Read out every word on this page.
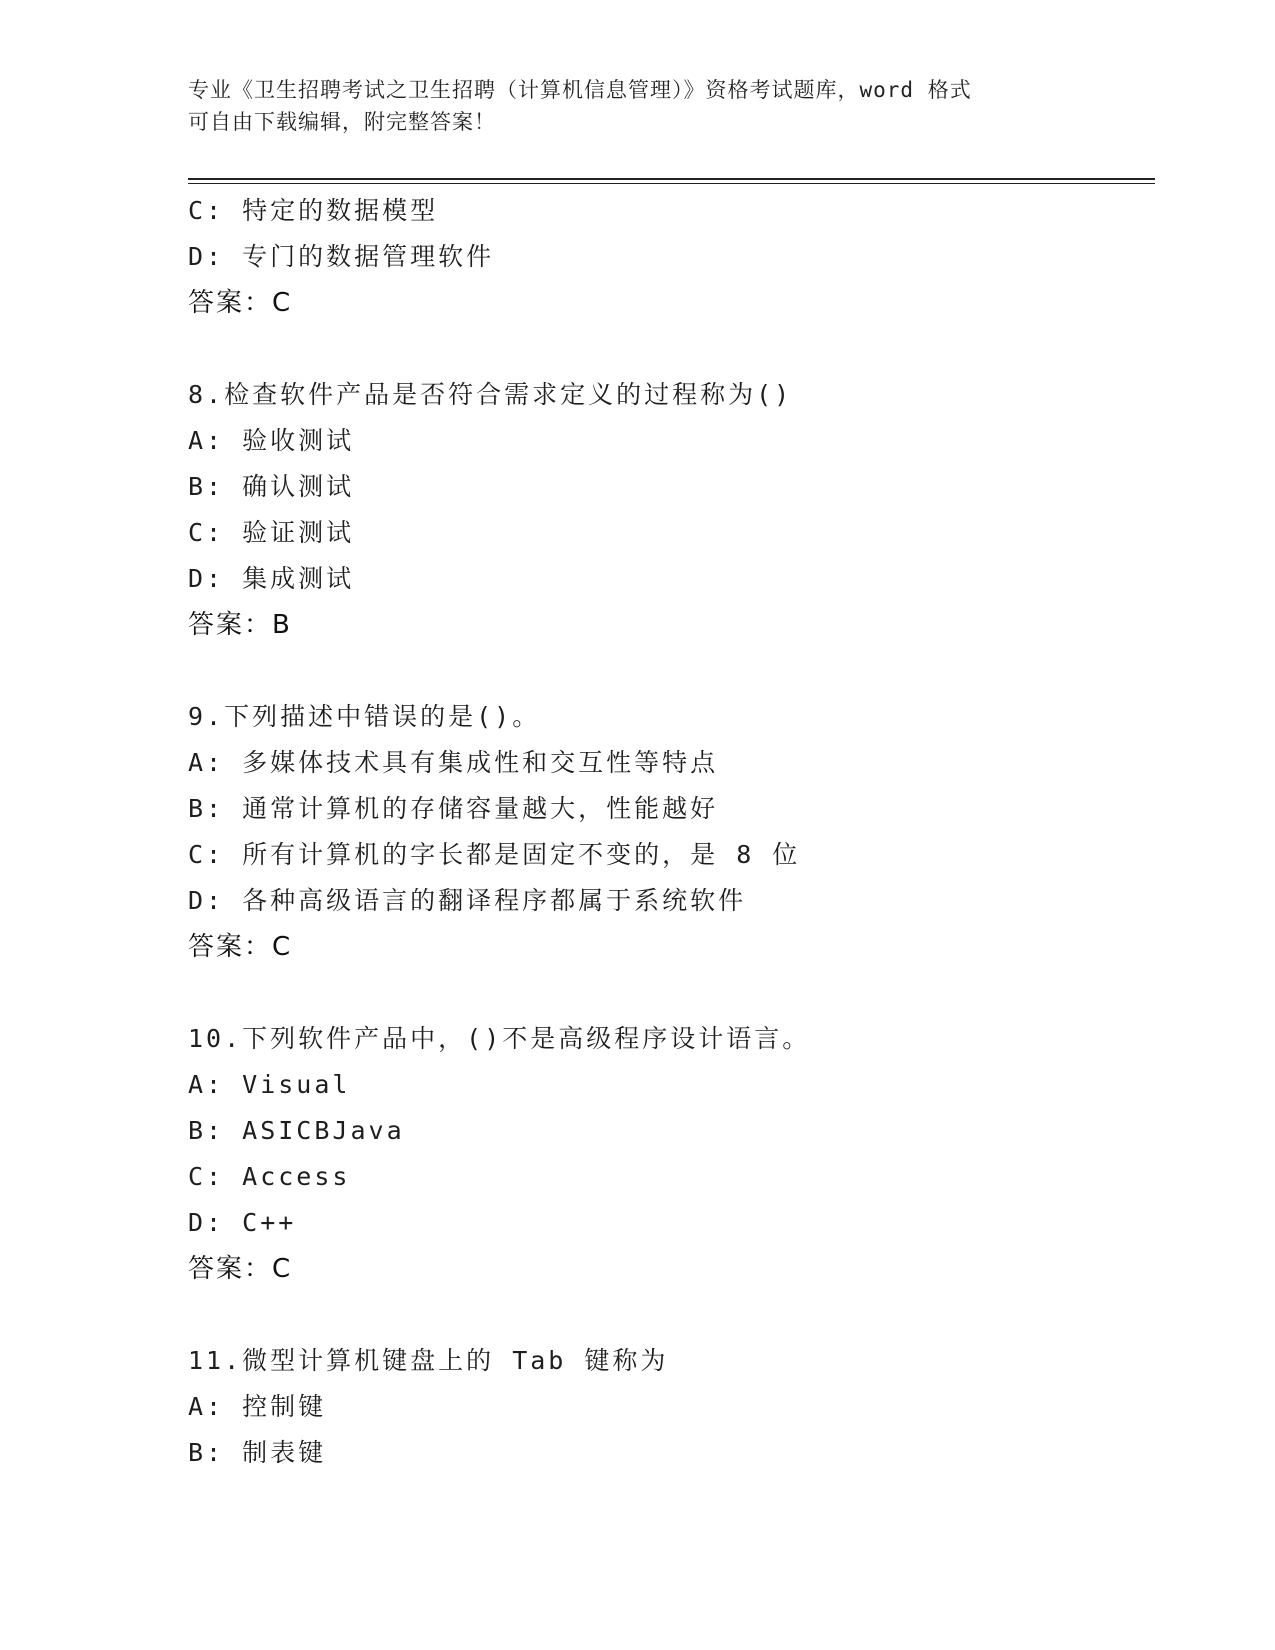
专业《卫生招聘考试之卫生招聘（计算机信息管理）》资格考试题库，word 格式
可自由下载编辑，附完整答案！
C: 特定的数据模型
D: 专门的数据管理软件
答案：C
8.检查软件产品是否符合需求定义的过程称为()
A: 验收测试
B: 确认测试
C: 验证测试
D: 集成测试
答案：B
9.下列描述中错误的是()。
A: 多媒体技术具有集成性和交互性等特点
B: 通常计算机的存储容量越大，性能越好
C: 所有计算机的字长都是固定不变的，是 8 位
D: 各种高级语言的翻译程序都属于系统软件
答案：C
10.下列软件产品中，()不是高级程序设计语言。
A: Visual
B: ASICBJava
C: Access
D: C++
答案：C
11.微型计算机键盘上的 Tab 键称为
A: 控制键
B: 制表键
